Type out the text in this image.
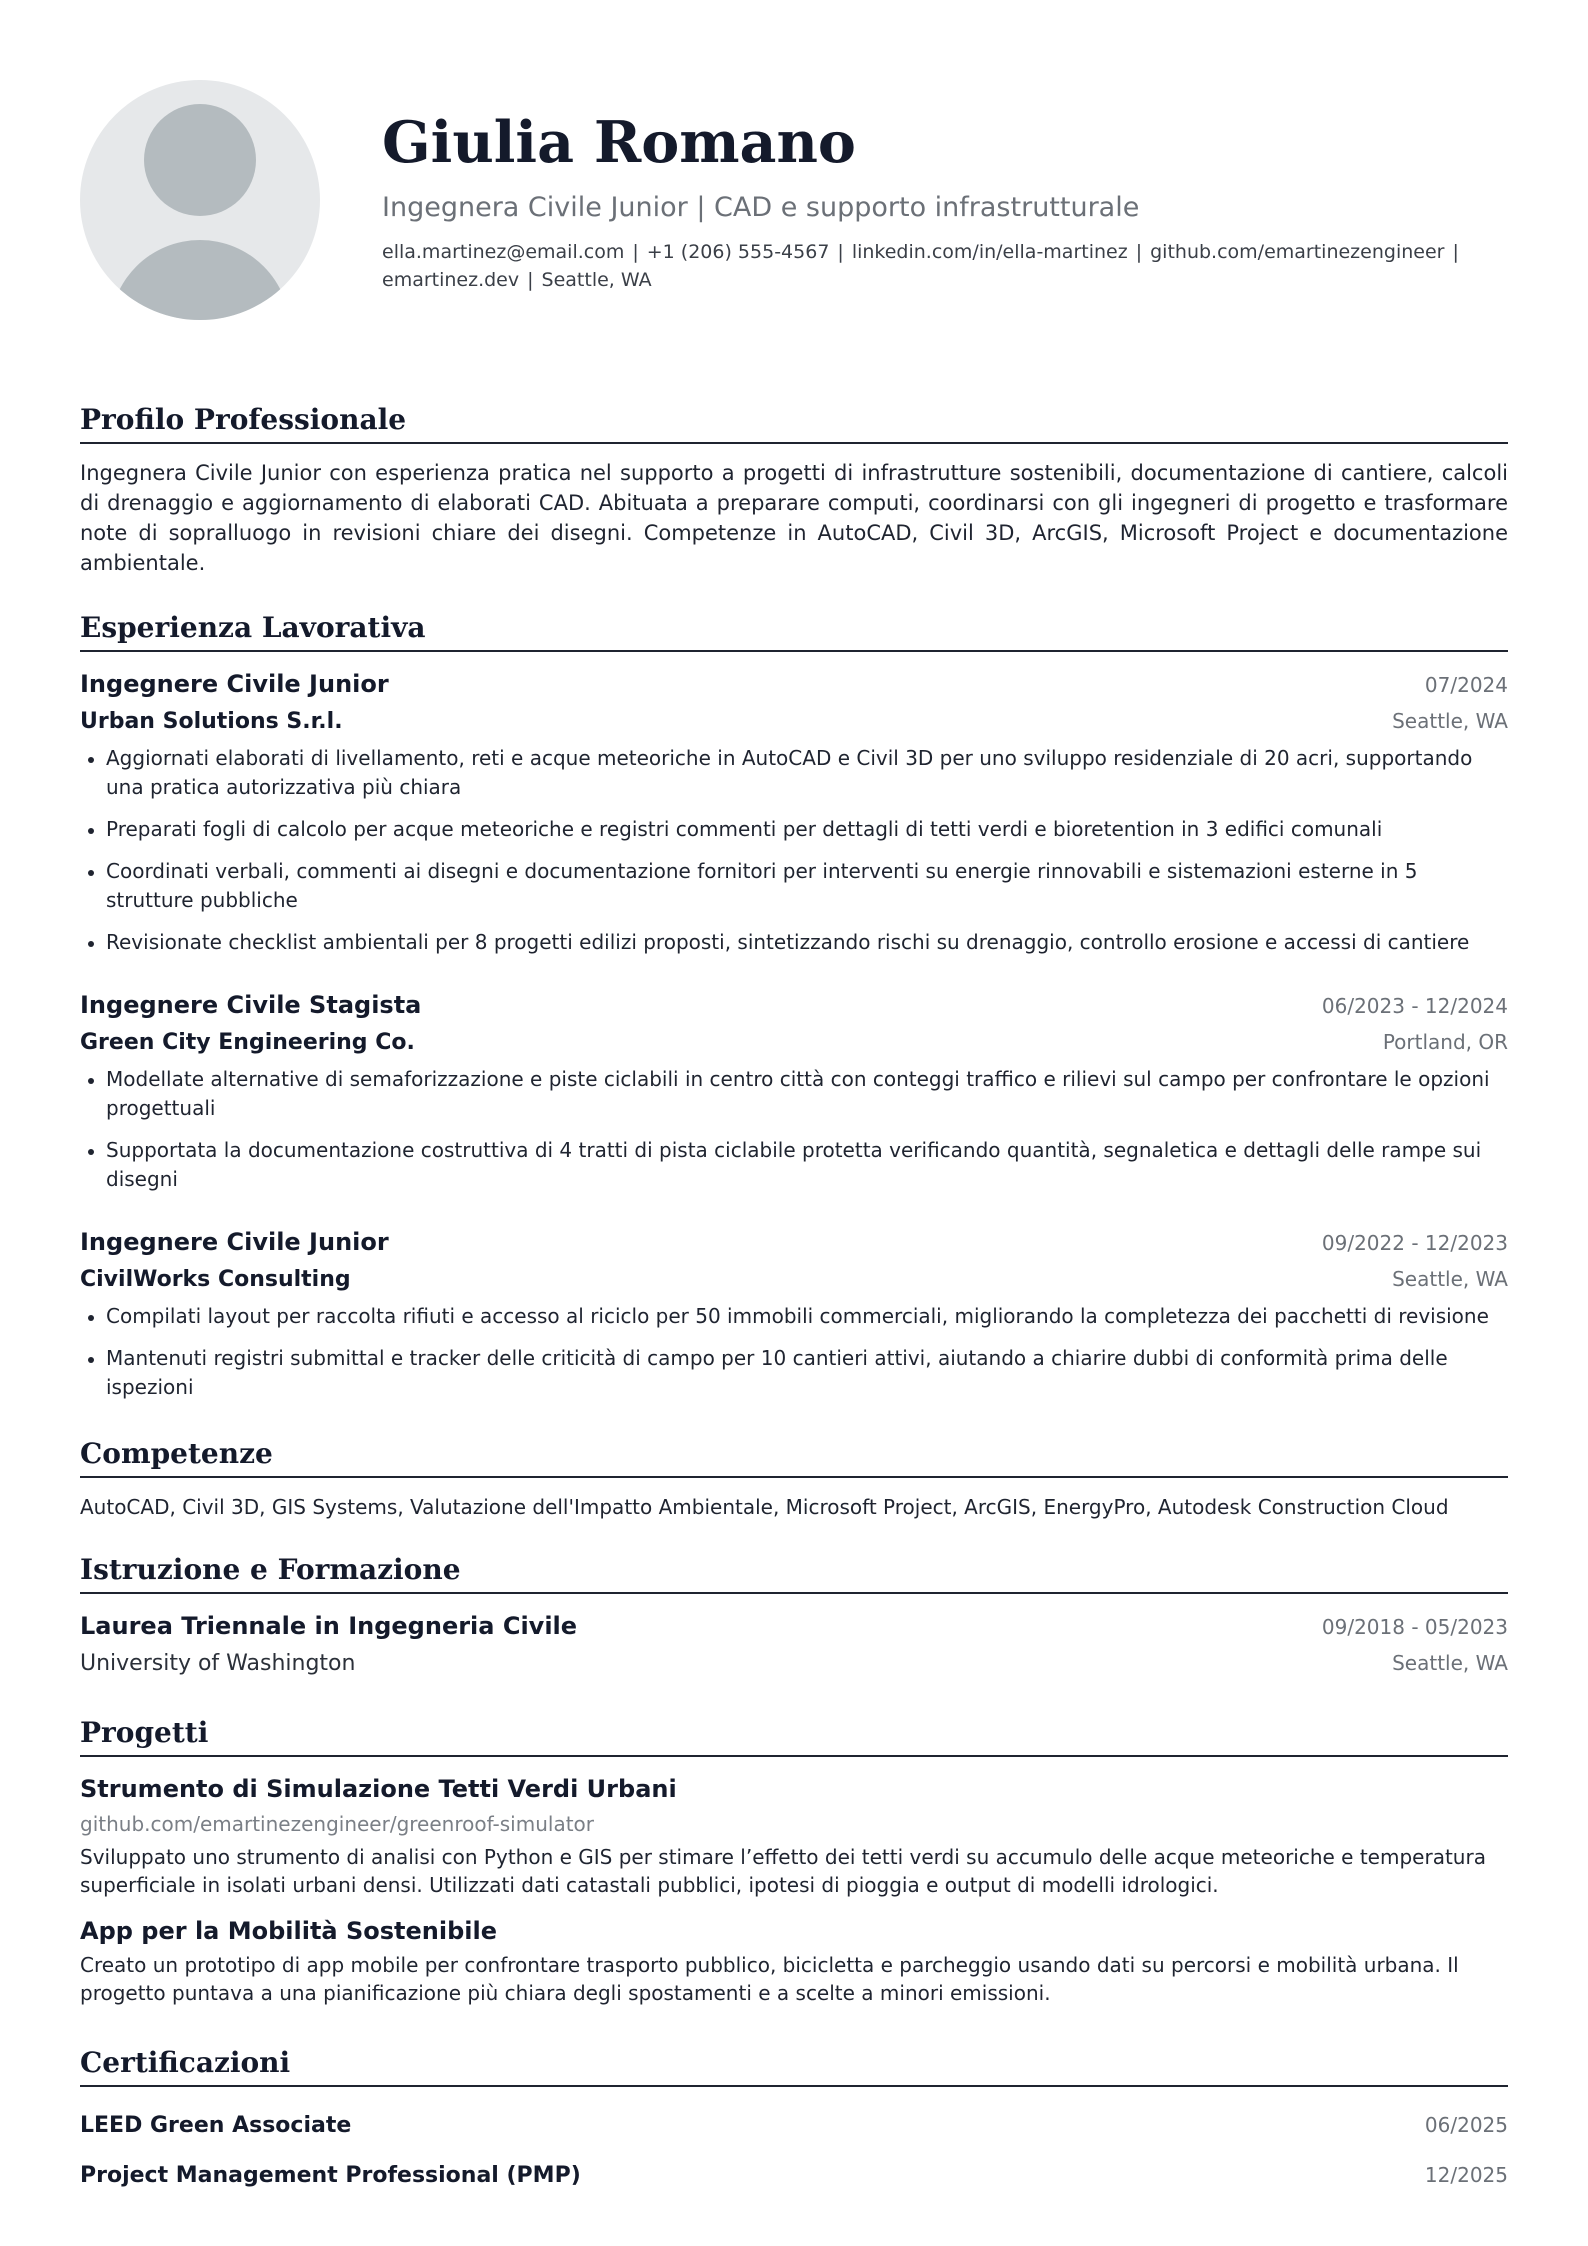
Giulia Romano
Ingegnera Civile Junior | CAD e supporto infrastrutturale
ella.martinez@email.com | +1 (206) 555-4567 | linkedin.com/in/ella-martinez | github.com/emartinezengineer |
emartinez.dev | Seattle, WA
Profilo Professionale

Ingegnera Civile Junior con esperienza pratica nel supporto a progetti di infrastrutture sostenibili, documentazione di cantiere, calcoli di drenaggio e aggiornamento di elaborati CAD. Abituata a preparare computi, coordinarsi con gli ingegneri di progetto e trasformare note di sopralluogo in revisioni chiare dei disegni. Competenze in AutoCAD, Civil 3D, ArcGIS, Microsoft Project e documentazione ambientale.

Esperienza Lavorativa
Ingegnere Civile Junior	07/2024
Urban Solutions S.r.l.	Seattle, WA
Aggiornati elaborati di livellamento, reti e acque meteoriche in AutoCAD e Civil 3D per uno sviluppo residenziale di 20 acri, supportando una pratica autorizzativa più chiara
Preparati fogli di calcolo per acque meteoriche e registri commenti per dettagli di tetti verdi e bioretention in 3 edifici comunali
Coordinati verbali, commenti ai disegni e documentazione fornitori per interventi su energie rinnovabili e sistemazioni esterne in 5 strutture pubbliche
Revisionate checklist ambientali per 8 progetti edilizi proposti, sintetizzando rischi su drenaggio, controllo erosione e accessi di cantiere
Ingegnere Civile Stagista	06/2023 - 12/2024
Green City Engineering Co.	Portland, OR
Modellate alternative di semaforizzazione e piste ciclabili in centro città con conteggi traffico e rilievi sul campo per confrontare le opzioni progettuali
Supportata la documentazione costruttiva di 4 tratti di pista ciclabile protetta verificando quantità, segnaletica e dettagli delle rampe sui disegni
Ingegnere Civile Junior	09/2022 - 12/2023
CivilWorks Consulting	Seattle, WA
Compilati layout per raccolta rifiuti e accesso al riciclo per 50 immobili commerciali, migliorando la completezza dei pacchetti di revisione
Mantenuti registri submittal e tracker delle criticità di campo per 10 cantieri attivi, aiutando a chiarire dubbi di conformità prima delle ispezioni
Competenze
AutoCAD, Civil 3D, GIS Systems, Valutazione dell'Impatto Ambientale, Microsoft Project, ArcGIS, EnergyPro, Autodesk Construction Cloud
Istruzione e Formazione
Laurea Triennale in Ingegneria Civile	09/2018 - 05/2023
University of Washington	Seattle, WA
Progetti
Strumento di Simulazione Tetti Verdi Urbani
github.com/emartinezengineer/greenroof-simulator

Sviluppato uno strumento di analisi con Python e GIS per stimare l’effetto dei tetti verdi su accumulo delle acque meteoriche e temperatura superficiale in isolati urbani densi. Utilizzati dati catastali pubblici, ipotesi di pioggia e output di modelli idrologici.

App per la Mobilità Sostenibile

Creato un prototipo di app mobile per confrontare trasporto pubblico, bicicletta e parcheggio usando dati su percorsi e mobilità urbana. Il progetto puntava a una pianificazione più chiara degli spostamenti e a scelte a minori emissioni.

Certificazioni
LEED Green Associate	06/2025
Project Management Professional (PMP)	12/2025
